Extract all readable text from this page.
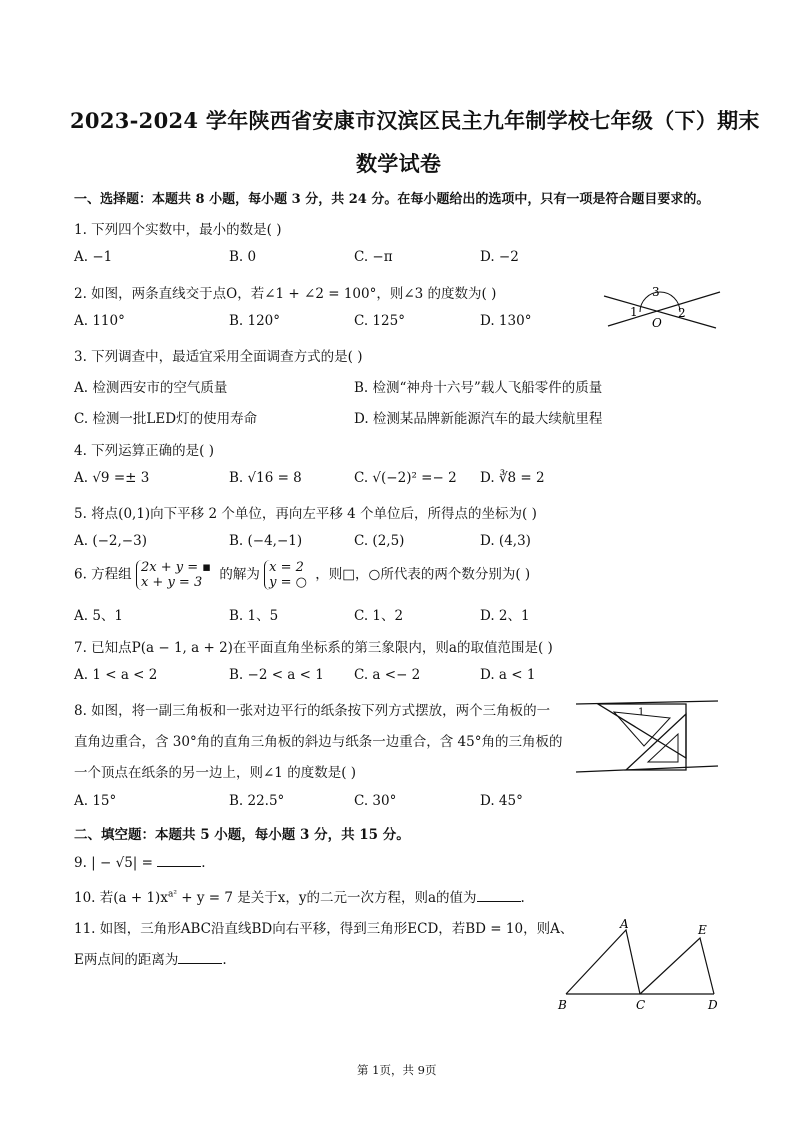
2023-2024 学年陕西省安康市汉滨区民主九年制学校七年级（下）期末
数学试卷
一、选择题：本题共 8 小题，每小题 3 分，共 24 分。在每小题给出的选项中，只有一项是符合题目要求的。
1. 下列四个实数中，最小的数是( )
A. −1	B. 0	C. −π	D. −2
2. 如图，两条直线交于点O，若∠1 + ∠2 = 100°，则∠3 的度数为( )
A. 110°	B. 120°	C. 125°	D. 130°
3
1	2
O
3. 下列调查中，最适宜采用全面调查方式的是( )
A. 检测西安市的空气质量	B. 检测“神舟十六号”载人飞船零件的质量
C. 检测一批LED灯的使用寿命	D. 检测某品牌新能源汽车的最大续航里程
4. 下列运算正确的是( )
A. √9 =± 3	B. √16 = 8	C. √(−2)² =− 2 D. ∛8 = 2
5. 将点(0,1)向下平移 2 个单位，再向左平移 4 个单位后，所得点的坐标为( )
A. (−2,−3)	B. (−4,−1)	C. (2,5)	D. (4,3)
6. 方程组 2x + y = ▪
x + y = 3 的解为 x = 2
y = ○ ，则□，○所代表的两个数分别为( )
A. 5、1	B. 1、5	C. 1、2	D. 2、1
7. 已知点P(a − 1, a + 2)在平面直角坐标系的第三象限内，则a的取值范围是( )
A. 1 < a < 2	B. −2 < a < 1 C. a <− 2	D. a < 1
8. 如图，将一副三角板和一张对边平行的纸条按下列方式摆放，两个三角板的一
直角边重合，含 30°角的直角三角板的斜边与纸条一边重合，含 45°角的三角板的
一个顶点在纸条的另一边上，则∠1 的度数是( )
A. 15°	B. 22.5°	C. 30°	D. 45°
1
二、填空题：本题共 5 小题，每小题 3 分，共 15 分。
9. | − √5| =	.
10. 若$(a + 1)x^{a^2} + y = 7$ 是关于x，y的二元一次方程，则a的值为	.
11. 如图，三角形ABC沿直线BD向右平移，得到三角形ECD，若BD = 10，则A、
E两点间的距离为	.
A
B	C	D
E
第 1页，共 9页
